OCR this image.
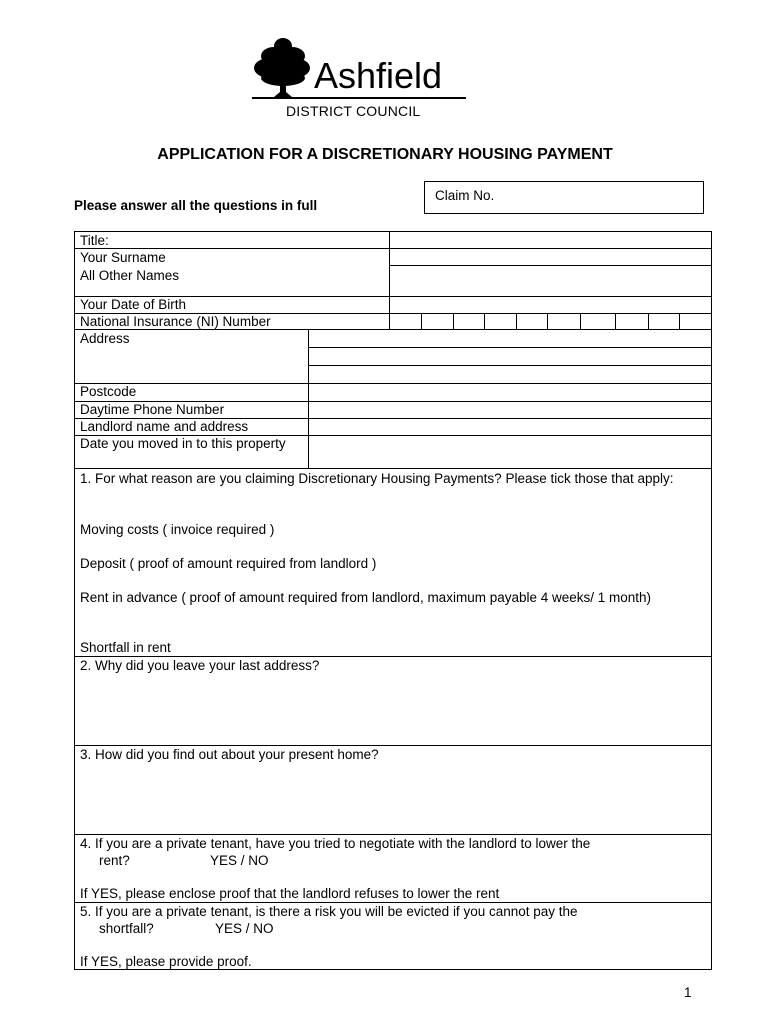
Ashfield
DISTRICT COUNCIL
APPLICATION FOR A DISCRETIONARY HOUSING PAYMENT
Please answer all the questions in full
Claim No.
Title:
Your Surname
All Other Names
Your Date of Birth
National Insurance (NI) Number
Address
Postcode
Daytime Phone Number
Landlord name and address
Date you moved in to this property
1. For what reason are you claiming Discretionary Housing Payments? Please tick those that apply:
Moving costs ( invoice required )
Deposit ( proof of amount required from landlord )
Rent in advance ( proof of amount required from landlord, maximum payable 4 weeks/ 1 month)
Shortfall in rent
2. Why did you leave your last address?
3. How did you find out about your present home?
4. If you are a private tenant, have you tried to negotiate with the landlord to lower the
rent?	YES / NO
If YES, please enclose proof that the landlord refuses to lower the rent
5. If you are a private tenant, is there a risk you will be evicted if you cannot pay the
shortfall?	YES / NO
If YES, please provide proof.
1
